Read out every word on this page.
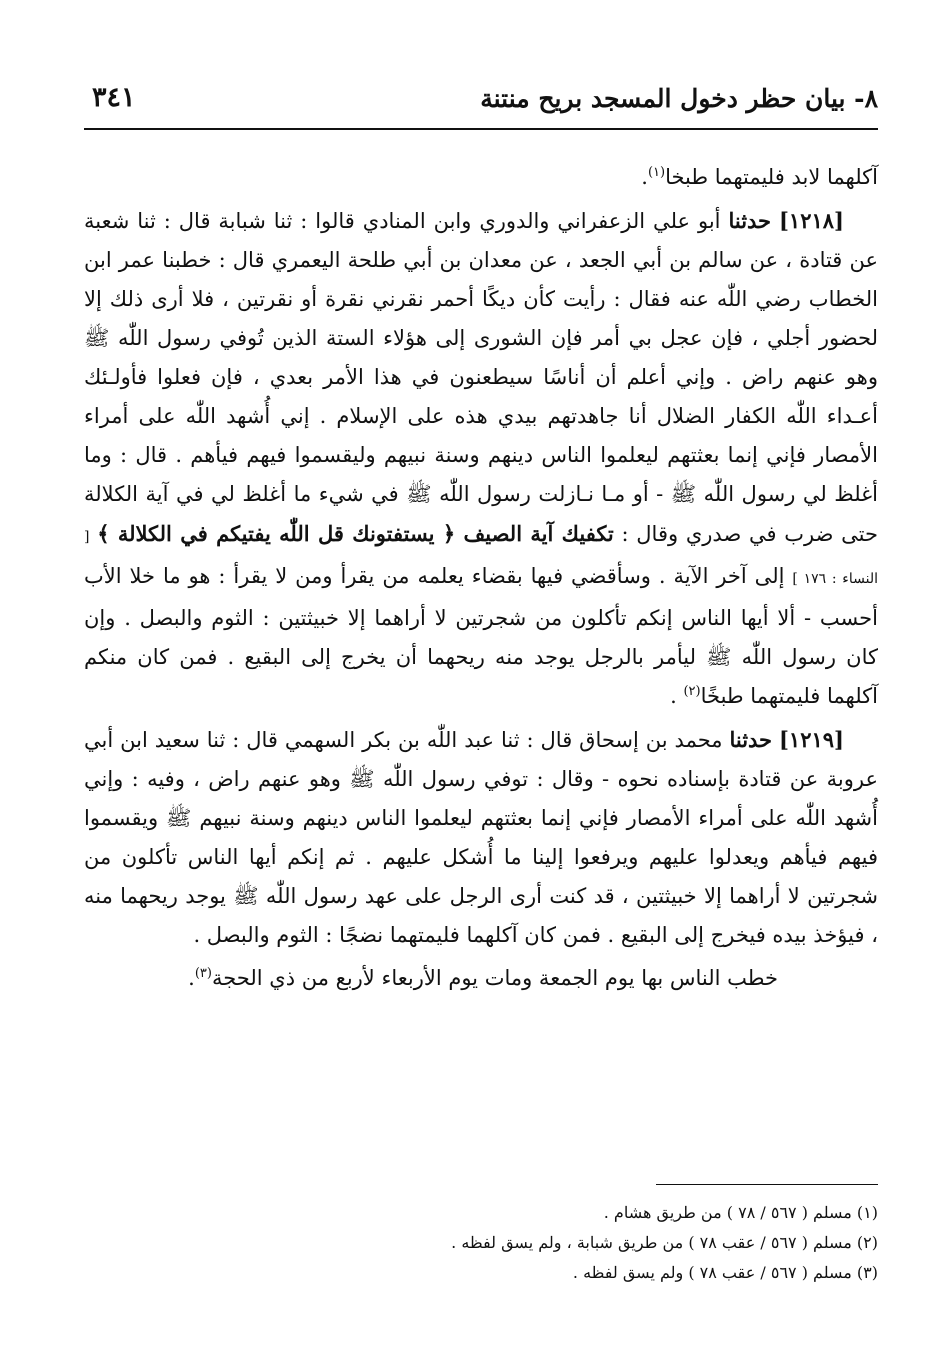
٨- بيان حظر دخول المسجد بريح منتنة
٣٤١

آكلهما لابد فليمتهما طبخا$^{(١)}$.

[١٢١٨] حدثنا أبو علي الزعفراني والدوري وابن المنادي قالوا : ثنا شبابة قال : ثنا شعبة عن قتادة ، عن سالم بن أبي الجعد ، عن معدان بن أبي طلحة اليعمري قال : خطبنا عمر ابن الخطاب رضي اللّٰه عنه فقال : رأيت كأن ديكًا أحمر نقرني نقرة أو نقرتين ، فلا أرى ذلك إلا لحضور أجلي ، فإن عجل بي أمر فإن الشورى إلى هؤلاء الستة الذين تُوفي رسول اللّٰه ﷺ وهو عنهم راض . وإني أعلم أن أناسًا سيطعنون في هذا الأمر بعدي ، فإن فعلوا فأولـئك أعـداء اللّٰه الكفار الضلال أنا جاهدتهم بيدي هذه على الإسلام . إني أُشهد اللّٰه على أمراء الأمصار فإني إنما بعثتهم ليعلموا الناس دينهم وسنة نبيهم وليقسموا فيهم فيأهم . قال : وما أغلظ لي رسول اللّٰه ﷺ - أو مـا نـازلت رسول اللّٰه ﷺ في شيء ما أغلظ لي في آية الكلالة حتى ضرب في صدري وقال : تكفيك آية الصيف ﴿ يستفتونك قل اللّٰه يفتيكم في الكلالة ﴾ [ النساء : ١٧٦ ] إلى آخر الآية . وسأقضي فيها بقضاء يعلمه من يقرأ ومن لا يقرأ : هو ما خلا الأب أحسب - ألا أيها الناس إنكم تأكلون من شجرتين لا أراهما إلا خبيثتين : الثوم والبصل . وإن كان رسول اللّٰه ﷺ ليأمر بالرجل يوجد منه ريحهما أن يخرج إلى البقيع . فمن كان منكم آكلهما فليمتهما طبخًا$^{(٢)}$ .

[١٢١٩] حدثنا محمد بن إسحاق قال : ثنا عبد اللّٰه بن بكر السهمي قال : ثنا سعيد ابن أبي عروبة عن قتادة بإسناده نحوه - وقال : توفي رسول اللّٰه ﷺ وهو عنهم راض ، وفيه : وإني أُشهد اللّٰه على أمراء الأمصار فإني إنما بعثتهم ليعلموا الناس دينهم وسنة نبيهم ﷺ ويقسموا فيهم فيأهم ويعدلوا عليهم ويرفعوا إلينا ما أُشكل عليهم . ثم إنكم أيها الناس تأكلون من شجرتين لا أراهما إلا خبيثتين ، قد كنت أرى الرجل على عهد رسول اللّٰه ﷺ يوجد ريحهما منه ، فيؤخذ بيده فيخرج إلى البقيع . فمن كان آكلهما فليمتهما نضجًا : الثوم والبصل .

خطب الناس بها يوم الجمعة ومات يوم الأربعاء لأربع من ذي الحجة$^{(٣)}$.

(١) مسلم ( ٥٦٧ / ٧٨ ) من طريق هشام .

(٢) مسلم ( ٥٦٧ / عقب ٧٨ ) من طريق شبابة ، ولم يسق لفظه .

(٣) مسلم ( ٥٦٧ / عقب ٧٨ ) ولم يسق لفظه .
